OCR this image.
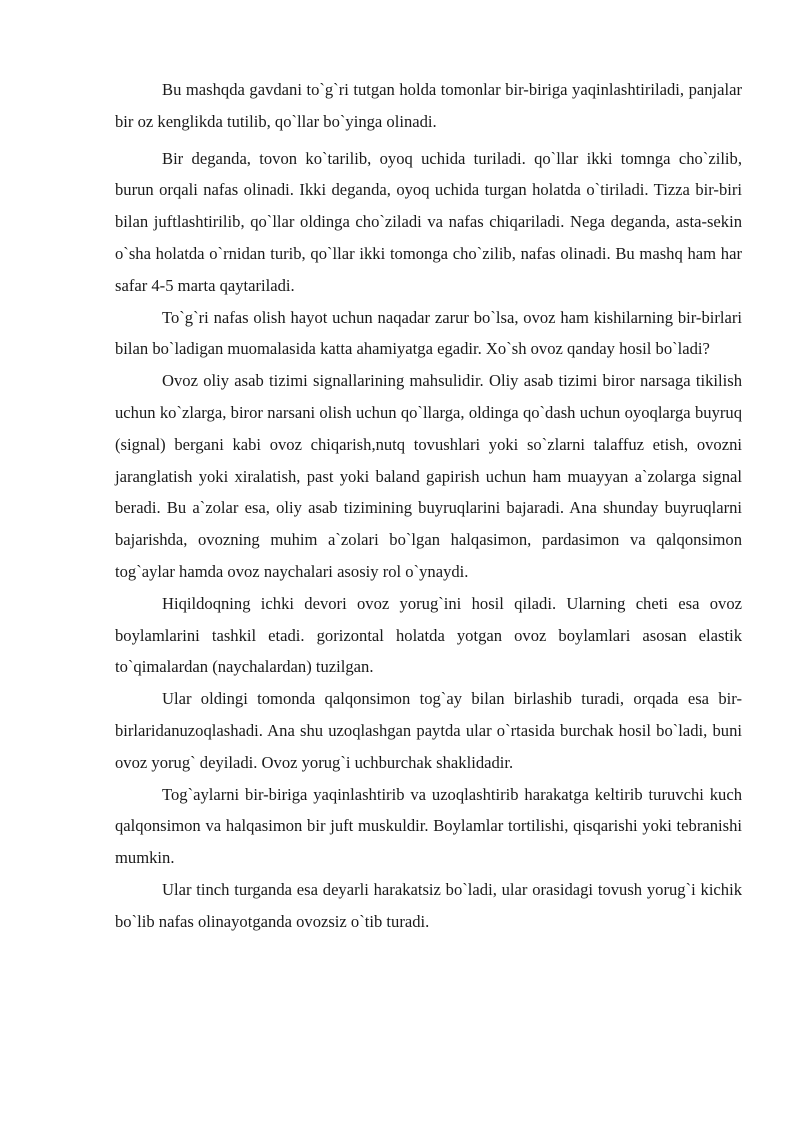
Bu mashqda gavdani to`g`ri tutgan holda tomonlar bir-biriga yaqinlashtiriladi, panjalar bir oz kenglikda tutilib, qo`llar bo`yinga olinadi.

Bir deganda, tovon ko`tarilib, oyoq uchida turiladi. qo`llar ikki tomnga cho`zilib, burun orqali nafas olinadi. Ikki deganda, oyoq uchida turgan holatda o`tiriladi. Tizza bir-biri bilan juftlashtirilib, qo`llar oldinga cho`ziladi va nafas chiqariladi. Nega deganda, asta-sekin o`sha holatda o`rnidan turib, qo`llar ikki tomonga cho`zilib, nafas olinadi. Bu mashq ham har safar 4-5 marta qaytariladi.

To`g`ri nafas olish hayot uchun naqadar zarur bo`lsa, ovoz ham kishilarning bir-birlari bilan bo`ladigan muomalasida katta ahamiyatga egadir. Xo`sh ovoz qanday hosil bo`ladi?

Ovoz oliy asab tizimi signallarining mahsulidir. Oliy asab tizimi biror narsaga tikilish uchun ko`zlarga, biror narsani olish uchun qo`llarga, oldinga qo`dash uchun oyoqlarga buyruq (signal) bergani kabi ovoz chiqarish,nutq tovushlari yoki so`zlarni talaffuz etish, ovozni jaranglatish yoki xiralatish, past yoki baland gapirish uchun ham muayyan a`zolarga signal beradi. Bu a`zolar esa, oliy asab tizimining buyruqlarini bajaradi. Ana shunday buyruqlarni bajarishda, ovozning muhim a`zolari bo`lgan halqasimon, pardasimon va qalqonsimon tog`aylar hamda ovoz naychalari asosiy rol o`ynaydi.

Hiqildoqning ichki devori ovoz yorug`ini hosil qiladi. Ularning cheti esa ovoz boylamlarini tashkil etadi. gorizontal holatda yotgan ovoz boylamlari asosan elastik to`qimalardan (naychalardan) tuzilgan.

Ular oldingi tomonda qalqonsimon tog`ay bilan birlashib turadi, orqada esa bir-birlaridanuzoqlashadi. Ana shu uzoqlashgan paytda ular o`rtasida burchak hosil bo`ladi, buni ovoz yorug` deyiladi. Ovoz yorug`i uchburchak shaklidadir.

Tog`aylarni bir-biriga yaqinlashtirib va uzoqlashtirib harakatga keltirib turuvchi kuch qalqonsimon va halqasimon bir juft muskuldir. Boylamlar tortilishi, qisqarishi yoki tebranishi mumkin.

Ular tinch turganda esa deyarli harakatsiz bo`ladi, ular orasidagi tovush yorug`i kichik bo`lib nafas olinayotganda ovozsiz o`tib turadi.
